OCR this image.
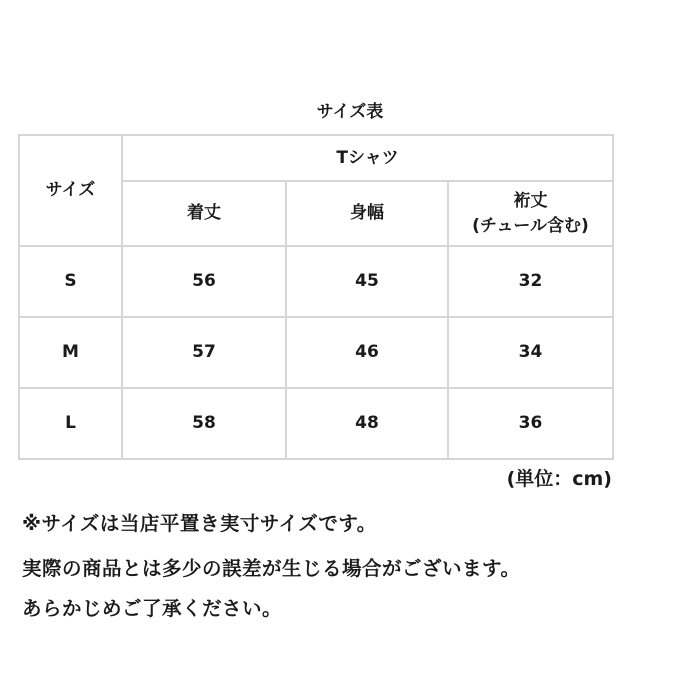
サイズ表
サイズ	Tシャツ		
	着丈	身幅	裄丈
(チュール含む)

S	56	45	32
M	57	46	34
L	58	48	36
(単位：cm)
※サイズは当店平置き実寸サイズです。
実際の商品とは多少の誤差が生じる場合がございます。
あらかじめご了承ください。
